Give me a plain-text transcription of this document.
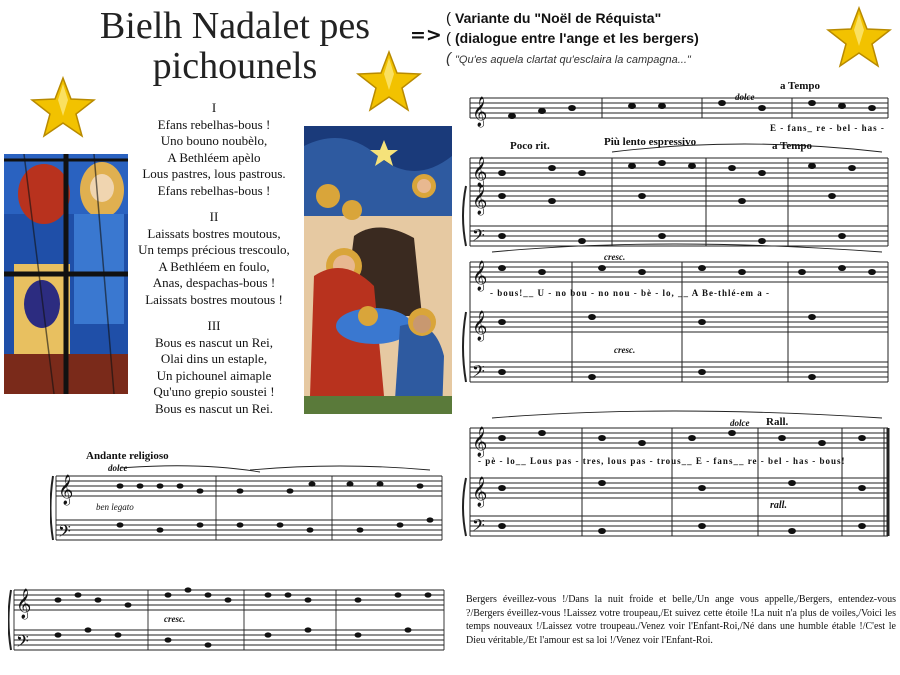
Bielh Nadalet pes
pichounels
=>
( Variante du "Noël de Réquista"
( (dialogue entre l'ange et les bergers)
( "Qu'es aquela clartat qu'esclaira la campagna..."
I
Efans rebelhas-bous !
Uno bouno noubèlo,
A Bethléem apèlo
Lous pastres, lous pastrous.
Efans rebelhas-bous !
II
Laissats bostres moutous,
Un temps précious trescoulo,
A Bethléem en foulo,
Anas, despachas-bous !
Laissats bostres moutous !
III
Bous es nascut un Rei,
Olai dins un estaple,
Un pichounel aimaple
Qu'uno grepio soustei !
Bous es nascut un Rei.
𝄞
𝄞
𝄞
𝄢
𝄞
𝄞
𝄢
𝄞
𝄞
𝄢
a Tempo
dolce
E - fans_ re - bel - has -
Poco rit.	Più lento espressivo	a Tempo
cresc.
- bous!__ U - no bou - no nou - bè - lo, __ A Be-thlé-em a -
cresc.
dolce Rall.
- pè - lo__ Lous pas - tres, lous pas - trous__ E - fans__ re - bel - has - bous!
rall.
𝄞
𝄢
Andante religioso
dolce
ben legato
𝄞
𝄢
cresc.
Bergers éveillez-vous !/Dans la nuit froide et belle,/Un ange vous appelle,/Bergers, entendez-vous ?/Bergers éveillez-vous !Laissez votre troupeau,/Et suivez cette étoile !La nuit n'a plus de voiles,/Voici les temps nouveaux !/Laissez votre troupeau./Venez voir l'Enfant-Roi,/Né dans une humble étable !/C'est le Dieu véritable,/Et l'amour est sa loi !/Venez voir l'Enfant-Roi.
